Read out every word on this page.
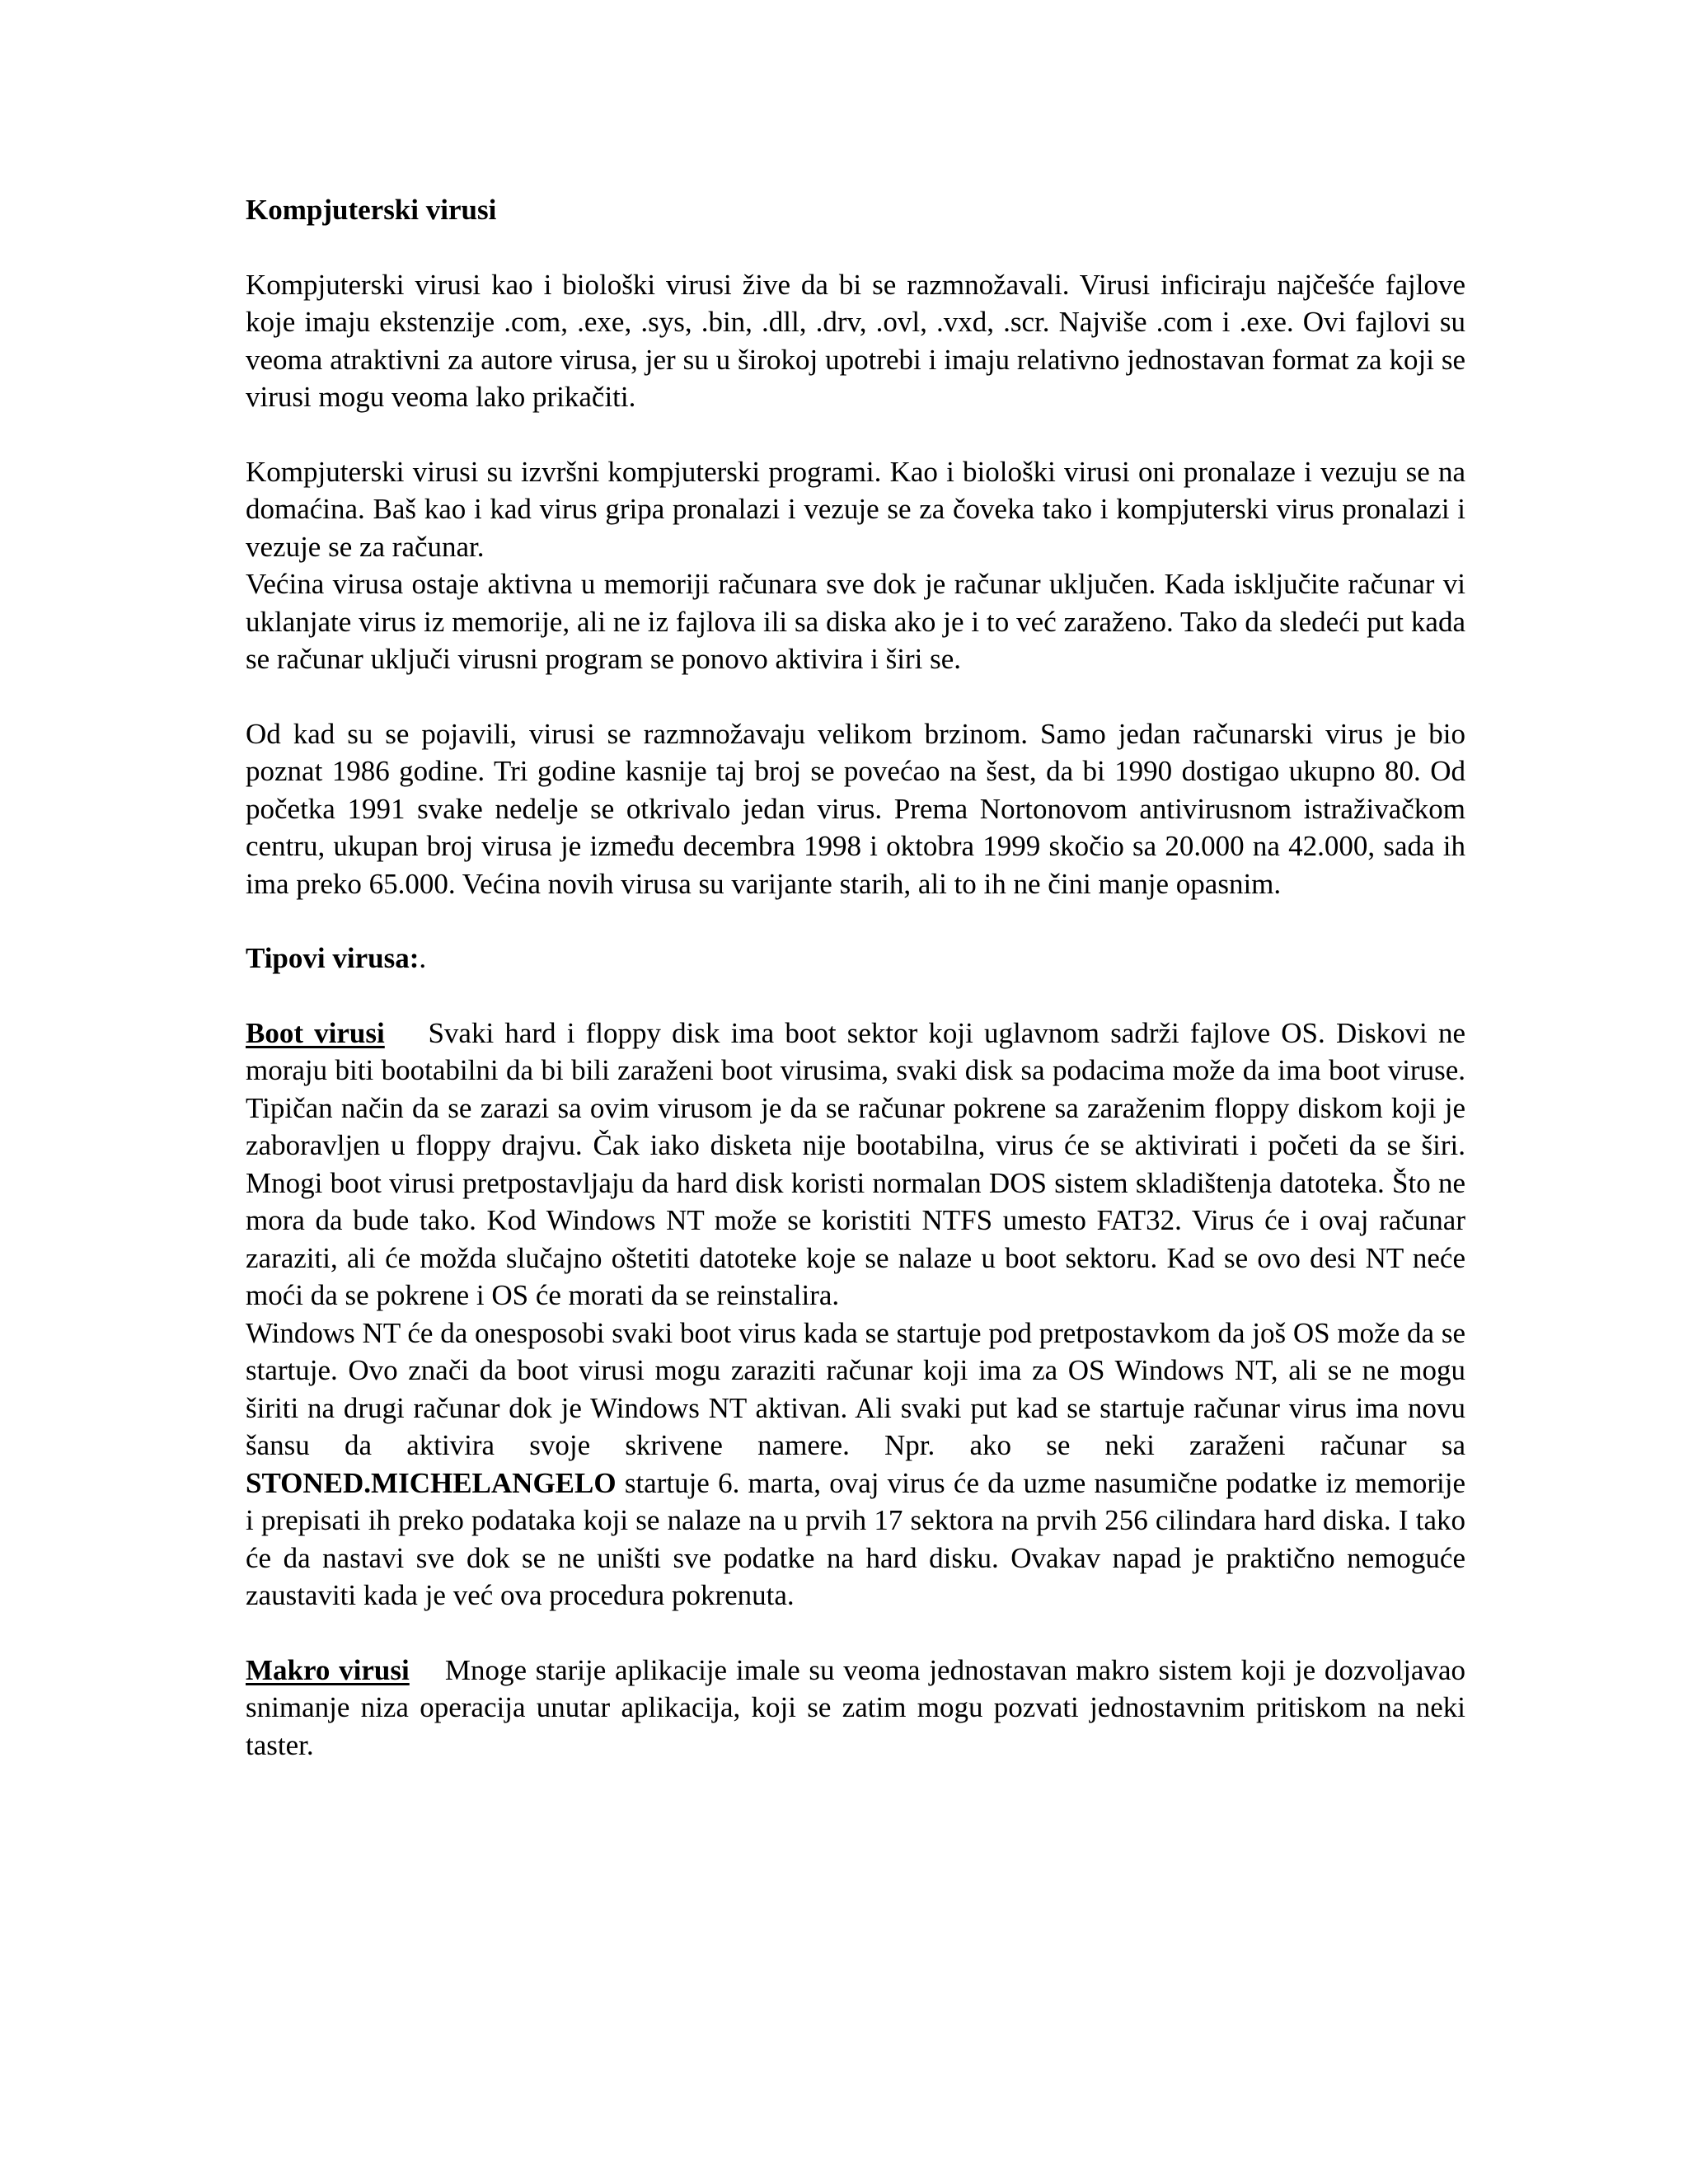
Kompjuterski virusi

Kompjuterski virusi kao i biološki virusi žive da bi se razmnožavali. Virusi inficiraju najčešće fajlove koje imaju ekstenzije .com, .exe, .sys, .bin, .dll, .drv, .ovl, .vxd, .scr. Najviše .com i .exe. Ovi fajlovi su veoma atraktivni za autore virusa, jer su u širokoj upotrebi i imaju relativno jednostavan format za koji se virusi mogu veoma lako prikačiti.

Kompjuterski virusi su izvršni kompjuterski programi. Kao i biološki virusi oni pronalaze i vezuju se na domaćina. Baš kao i kad virus gripa pronalazi i vezuje se za čoveka tako i kompjuterski virus pronalazi i vezuje se za računar.

Većina virusa ostaje aktivna u memoriji računara sve dok je računar uključen. Kada isključite računar vi uklanjate virus iz memorije, ali ne iz fajlova ili sa diska ako je i to već zaraženo. Tako da sledeći put kada se računar uključi virusni program se ponovo aktivira i širi se.

Od kad su se pojavili, virusi se razmnožavaju velikom brzinom. Samo jedan računarski virus je bio poznat 1986 godine. Tri godine kasnije taj broj se povećao na šest, da bi 1990 dostigao ukupno 80. Od početka 1991 svake nedelje se otkrivalo jedan virus. Prema Nortonovom antivirusnom istraživačkom centru, ukupan broj virusa je između decembra 1998 i oktobra 1999 skočio sa 20.000 na 42.000, sada ih ima preko 65.000. Većina novih virusa su varijante starih, ali to ih ne čini manje opasnim.

Tipovi virusa:.

Boot virusi Svaki hard i floppy disk ima boot sektor koji uglavnom sadrži fajlove OS. Diskovi ne moraju biti bootabilni da bi bili zaraženi boot virusima, svaki disk sa podacima može da ima boot viruse. Tipičan način da se zarazi sa ovim virusom je da se računar pokrene sa zaraženim floppy diskom koji je zaboravljen u floppy drajvu. Čak iako disketa nije bootabilna, virus će se aktivirati i početi da se širi. Mnogi boot virusi pretpostavljaju da hard disk koristi normalan DOS sistem skladištenja datoteka. Što ne mora da bude tako. Kod Windows NT može se koristiti NTFS umesto FAT32. Virus će i ovaj računar zaraziti, ali će možda slučajno oštetiti datoteke koje se nalaze u boot sektoru. Kad se ovo desi NT neće moći da se pokrene i OS će morati da se reinstalira.

Windows NT će da onesposobi svaki boot virus kada se startuje pod pretpostavkom da još OS može da se startuje. Ovo znači da boot virusi mogu zaraziti računar koji ima za OS Windows NT, ali se ne mogu širiti na drugi računar dok je Windows NT aktivan. Ali svaki put kad se startuje računar virus ima novu šansu da aktivira svoje skrivene namere. Npr. ako se neki zaraženi računar sa STONED.MICHELANGELO startuje 6. marta, ovaj virus će da uzme nasumične podatke iz memorije i prepisati ih preko podataka koji se nalaze na u prvih 17 sektora na prvih 256 cilindara hard diska. I tako će da nastavi sve dok se ne uništi sve podatke na hard disku. Ovakav napad je praktično nemoguće zaustaviti kada je već ova procedura pokrenuta.

Makro virusi Mnoge starije aplikacije imale su veoma jednostavan makro sistem koji je dozvoljavao snimanje niza operacija unutar aplikacija, koji se zatim mogu pozvati jednostavnim pritiskom na neki taster.
